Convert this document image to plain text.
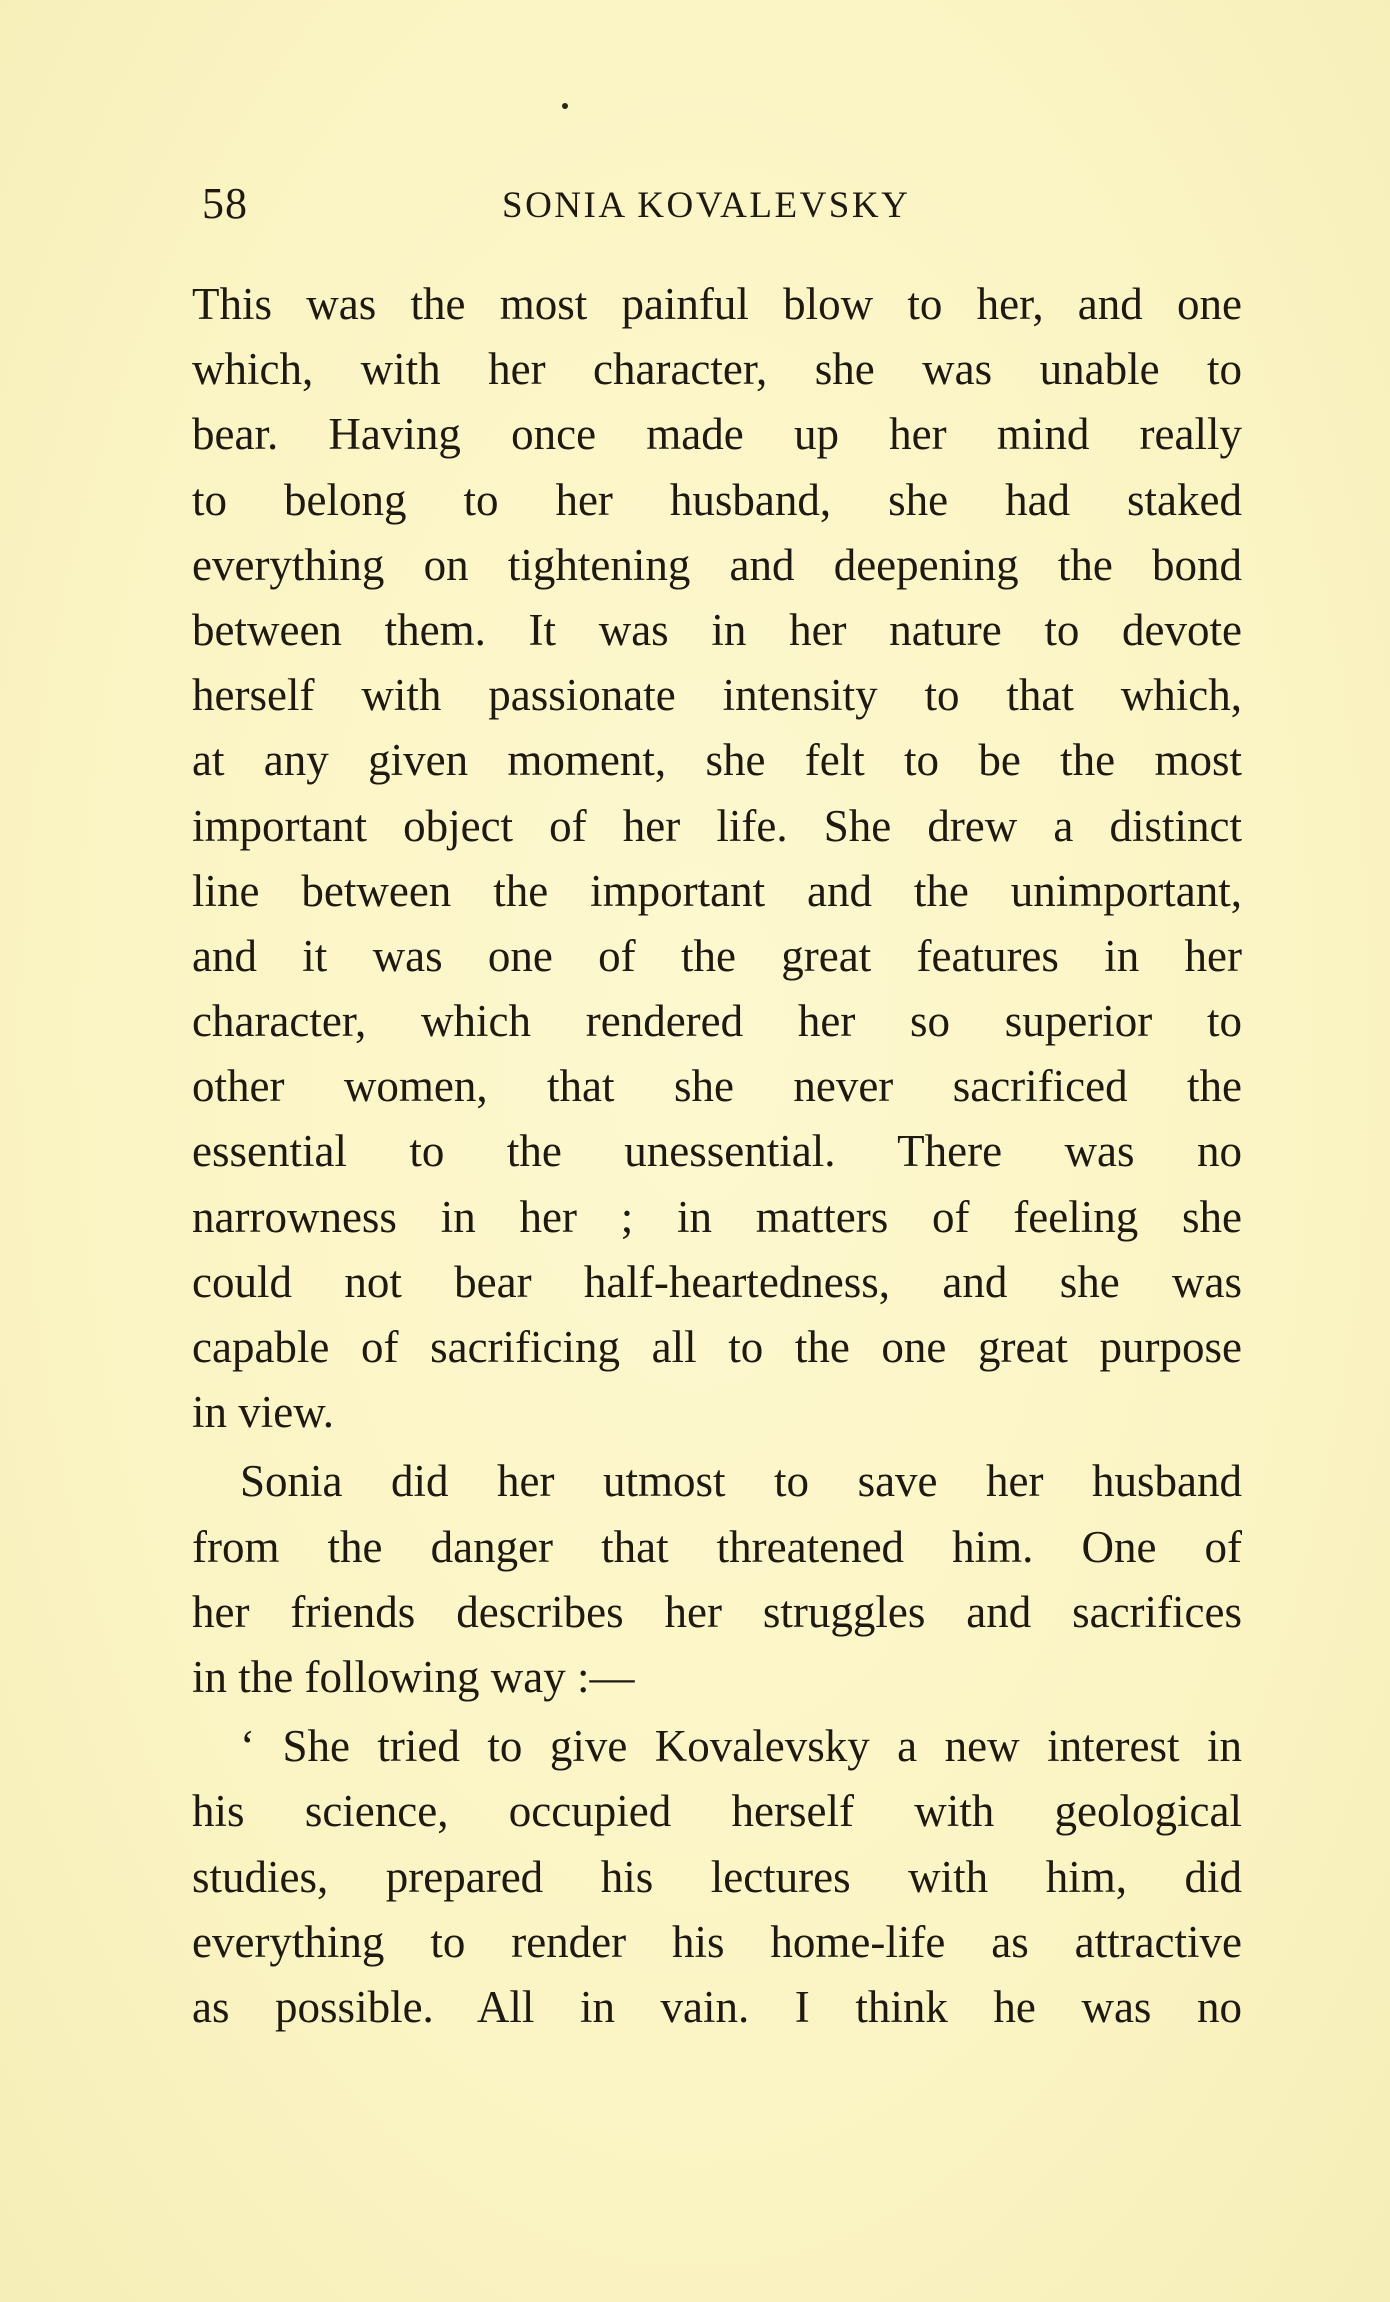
58	SONIA KOVALEVSKY
This was the most painful blow to her, and one
which, with her character, she was unable to
bear. Having once made up her mind really
to belong to her husband, she had staked
everything on tightening and deepening the bond
between them. It was in her nature to devote
herself with passionate intensity to that which,
at any given moment, she felt to be the most
important object of her life. She drew a distinct
line between the important and the unimportant,
and it was one of the great features in her
character, which rendered her so superior to
other women, that she never sacrificed the
essential to the unessential. There was no
narrowness in her ; in matters of feeling she
could not bear half-heartedness, and she was
capable of sacrificing all to the one great purpose
in view.
Sonia did her utmost to save her husband
from the danger that threatened him. One of
her friends describes her struggles and sacrifices
in the following way :—
‘ She tried to give Kovalevsky a new interest in
his science, occupied herself with geological
studies, prepared his lectures with him, did
everything to render his home-life as attractive
as possible. All in vain. I think he was no
